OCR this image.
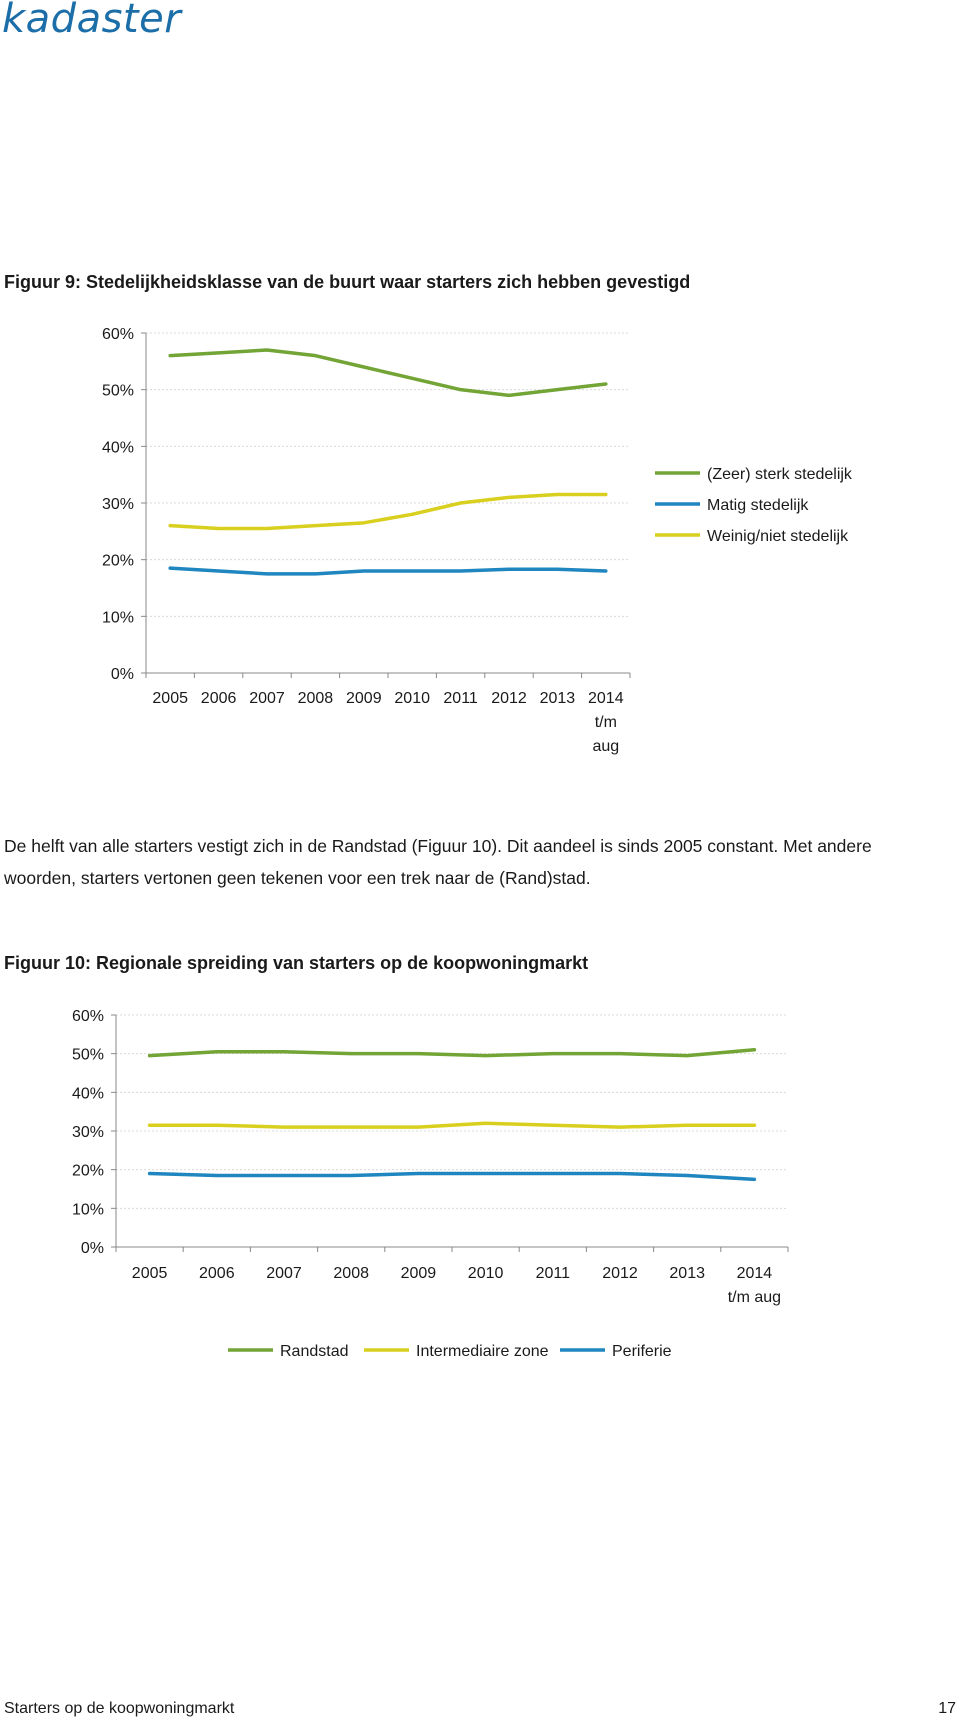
kadaster
Figuur 9: Stedelijkheidsklasse van de buurt waar starters zich hebben gevestigd
0%
10%
20%
30%
40%
50%
60%
2005 2006 2007 2008 2009 2010 2011 2012 2013 2014 t/m aug
(Zeer) sterk stedelijk
Matig stedelijk
Weinig/niet stedelijk
De helft van alle starters vestigt zich in de Randstad (Figuur 10). Dit aandeel is sinds 2005 constant. Met andere woorden, starters vertonen geen tekenen voor een trek naar de (Rand)stad.
Figuur 10: Regionale spreiding van starters op de koopwoningmarkt
0%
10%
20%
30%
40%
50%
60%
2005 2006 2007 2008 2009 2010 2011 2012 2013	2014 t/m aug
Randstad	Intermediaire zone	Periferie
Starters op de koopwoningmarkt	17
